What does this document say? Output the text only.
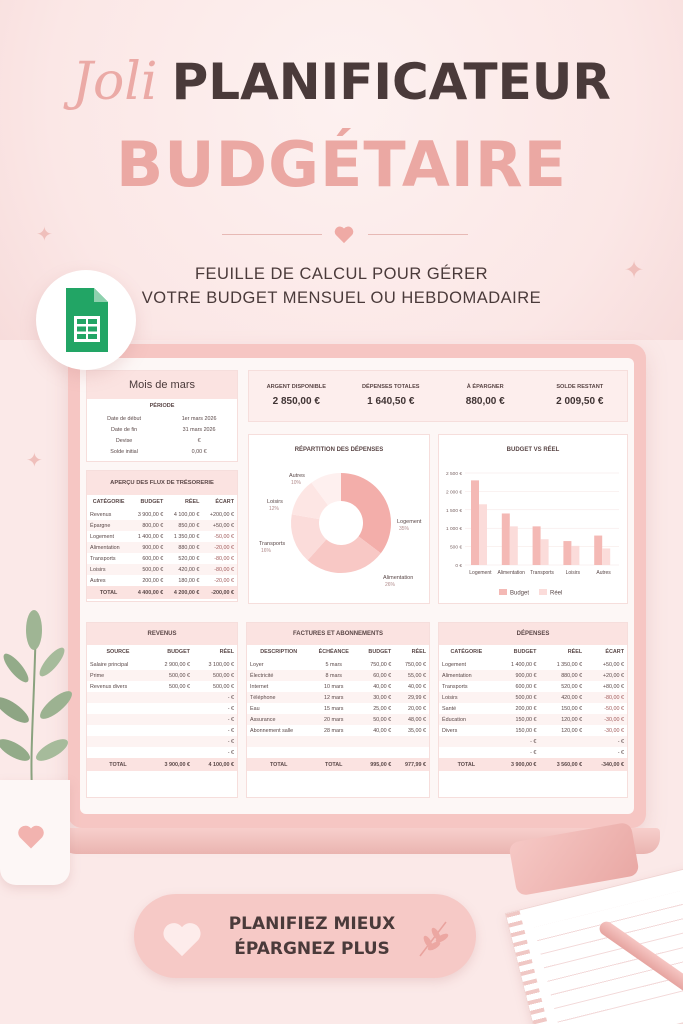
✦
✦
✦
Joli PLANIFICATEUR
BUDGÉTAIRE
FEUILLE DE CALCUL POUR GÉRER
VOTRE BUDGET MENSUEL OU HEBDOMADAIRE
Mois de mars
PÉRIODE
Date de début	1er mars 2026
Date de fin	31 mars 2026
Devise	€
Solde initial	0,00 €
ARGENT DISPONIBLE
2 850,00 €
DÉPENSES TOTALES
1 640,50 €
À ÉPARGNER
880,00 €
SOLDE RESTANT
2 009,50 €
APERÇU DES FLUX DE TRÉSORERIE
CATÉGORIE	BUDGET	RÉEL	ÉCART
Revenus	3 900,00 €	4 100,00 €	+200,00 €
Épargne	800,00 €	850,00 €	+50,00 €
Logement	1 400,00 €	1 350,00 €	-50,00 €
Alimentation	900,00 €	880,00 €	-20,00 €
Transports	600,00 €	520,00 €	-80,00 €
Loisirs	500,00 €	420,00 €	-80,00 €
Autres	200,00 €	180,00 €	-20,00 €
TOTAL	4 400,00 €	4 200,00 €	-200,00 €
RÉPARTITION DES DÉPENSES
Logement
35%
Alimentation
26%
Transports
16%
Loisirs
12%
Autres
10%
BUDGET VS RÉEL
0 €
500 €
1 000 €
1 500 €
2 000 €
2 500 €
Logement Alimentation Transports Loisirs	Autres
Budget	Réel
REVENUS
SOURCE	BUDGET	RÉEL
Salaire principal	2 900,00 €	3 100,00 €
Prime	500,00 €	500,00 €
Revenus divers	500,00 €	500,00 €
		- €
		- €
		- €
		- €
		- €
		- €
TOTAL	3 900,00 €	4 100,00 €
FACTURES ET ABONNEMENTS
DESCRIPTION	ÉCHÉANCE	BUDGET	RÉEL
Loyer	5 mars	750,00 €	750,00 €
Électricité	8 mars	60,00 €	55,00 €
Internet	10 mars	40,00 €	40,00 €
Téléphone	12 mars	30,00 €	29,99 €
Eau	15 mars	25,00 €	20,00 €
Assurance	20 mars	50,00 €	48,00 €
Abonnement salle	28 mars	40,00 €	35,00 €

TOTAL	TOTAL	995,00 €	977,99 €
DÉPENSES
CATÉGORIE	BUDGET	RÉEL	ÉCART
Logement	1 400,00 €	1 350,00 €	+50,00 €
Alimentation	900,00 €	880,00 €	+20,00 €
Transports	600,00 €	520,00 €	+80,00 €
Loisirs	500,00 €	420,00 €	-80,00 €
Santé	200,00 €	150,00 €	-50,00 €
Éducation	150,00 €	120,00 €	-30,00 €
Divers	150,00 €	120,00 €	-30,00 €
	- €		- €
	- €		- €
TOTAL	3 900,00 €	3 560,00 €	-340,00 €
PLANIFIEZ MIEUX
ÉPARGNEZ PLUS
